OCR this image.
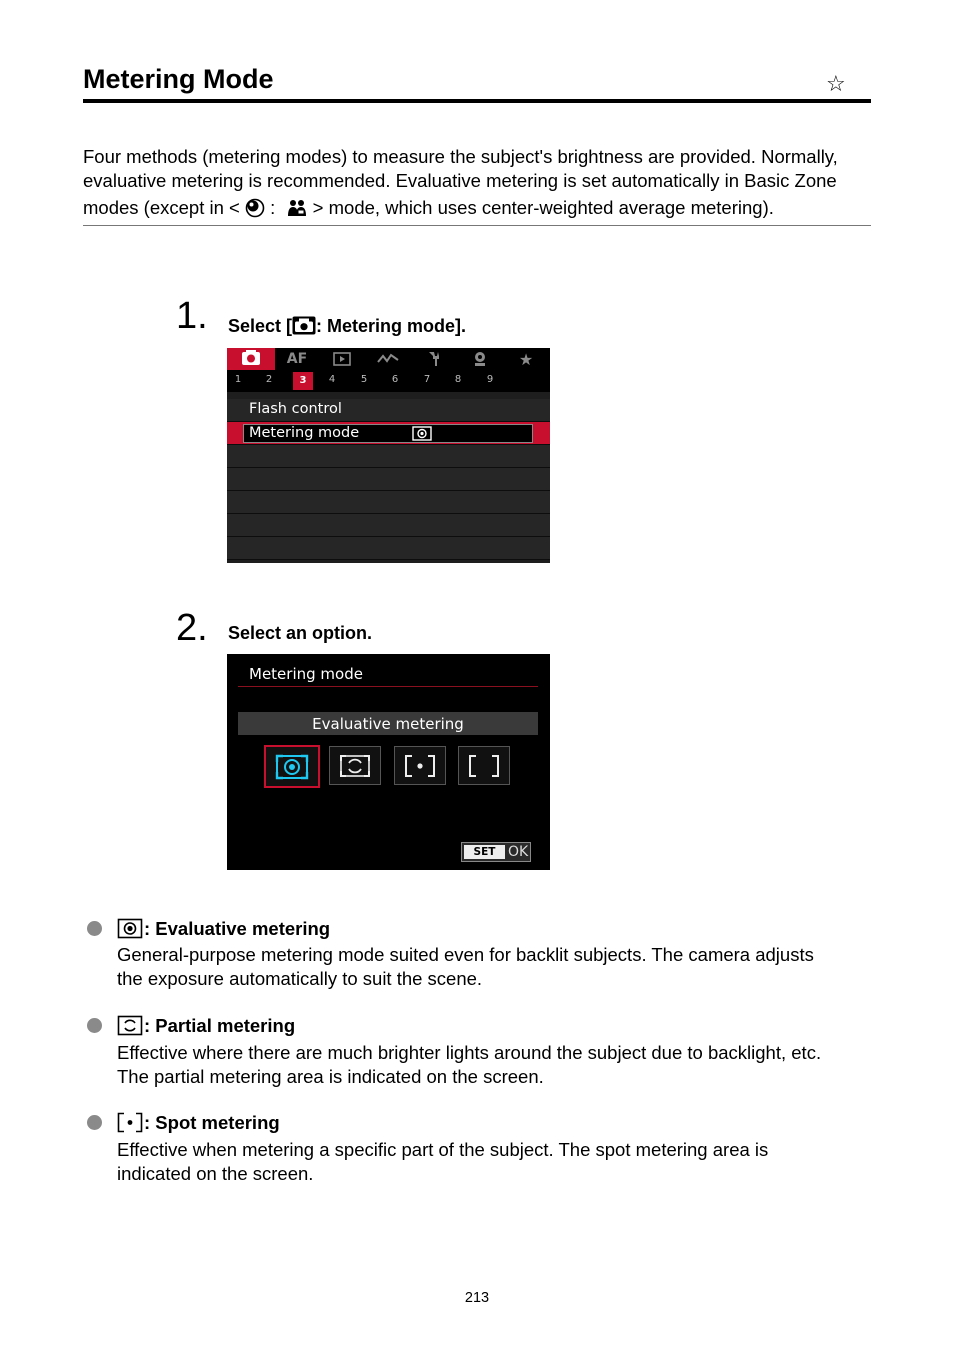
Metering Mode	☆

Four methods (metering modes) to measure the subject's brightness are provided. Normally,
evaluative metering is recommended. Evaluative metering is set automatically in Basic Zone
modes (except in < : > mode, which uses center-weighted average metering).

1. Select [ : Metering mode].
AF	★
1	2	3	4	5	6	7	8	9
Flash control
Metering mode
2. Select an option.
Metering mode
Evaluative metering
SET OK
: Evaluative metering

General-purpose metering mode suited even for backlit subjects. The camera adjusts
the exposure automatically to suit the scene.

: Partial metering

Effective where there are much brighter lights around the subject due to backlight, etc.
The partial metering area is indicated on the screen.

: Spot metering

Effective when metering a specific part of the subject. The spot metering area is
indicated on the screen.

213
